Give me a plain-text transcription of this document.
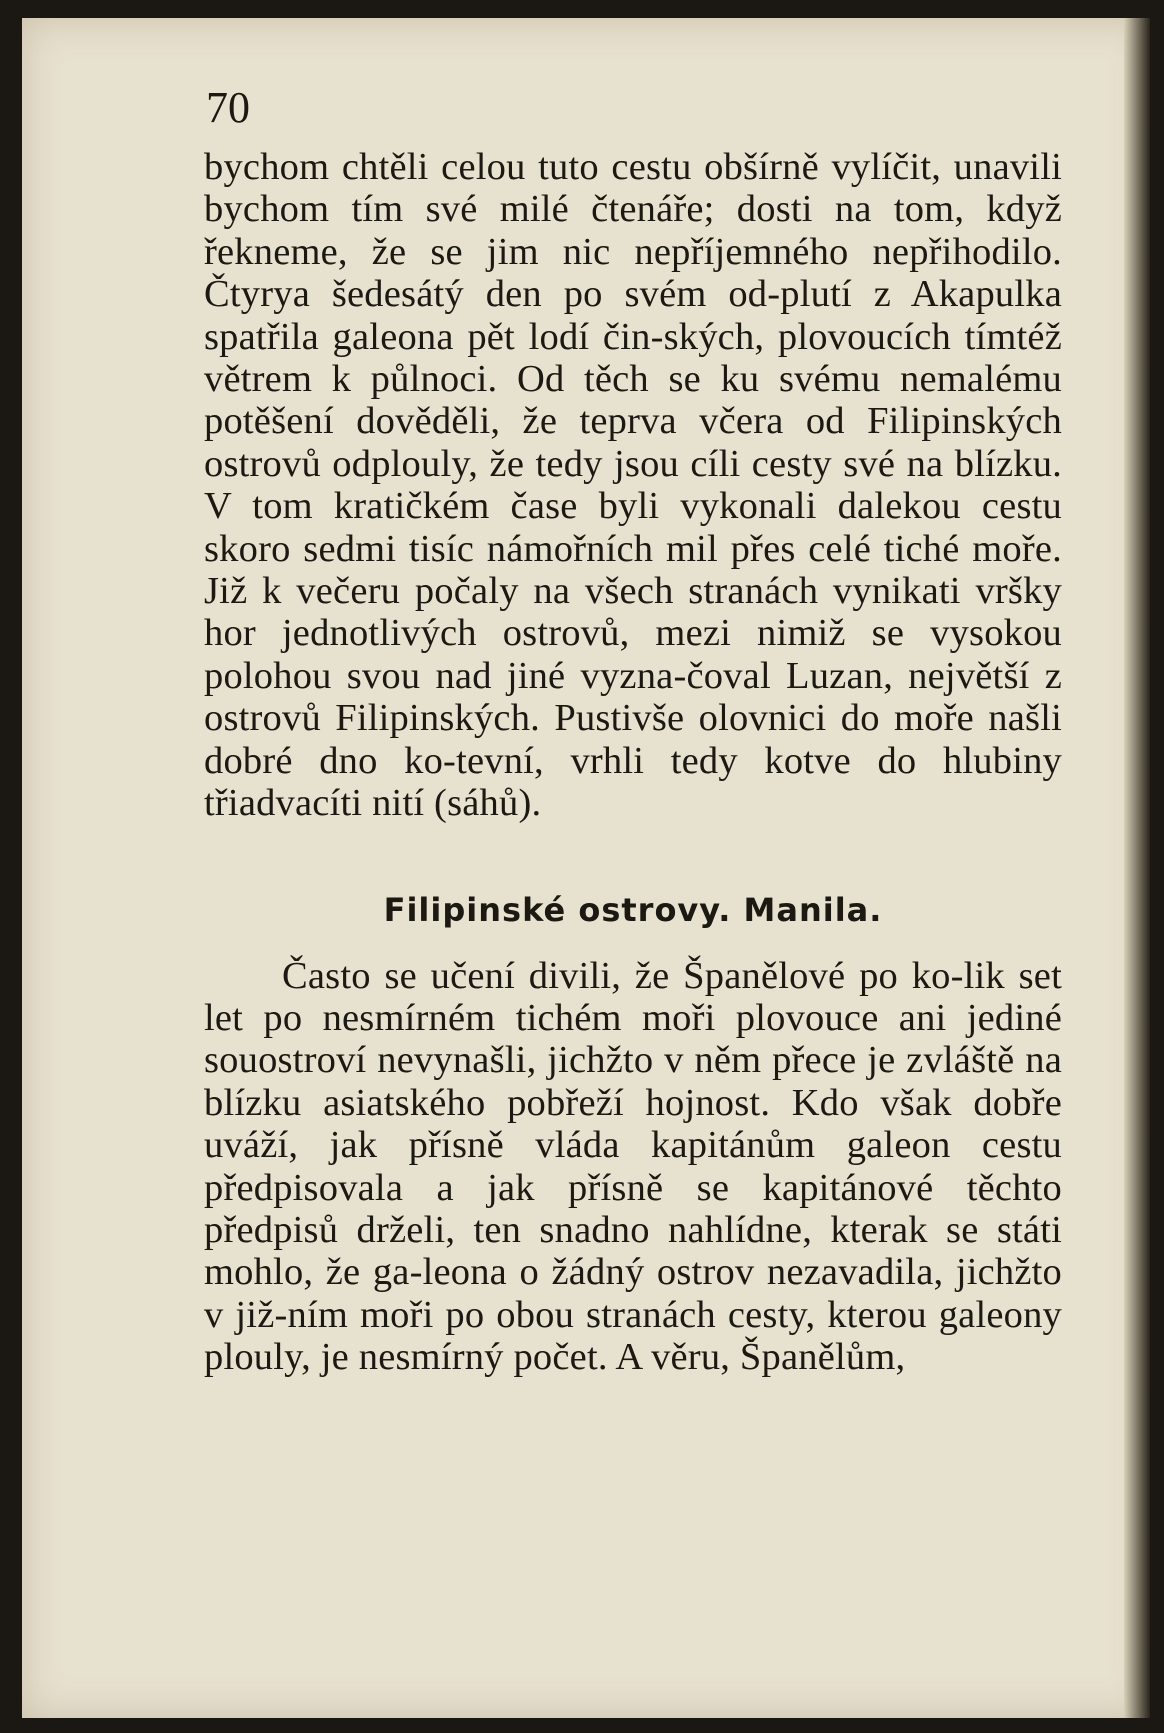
70

bychom chtěli celou tuto cestu obšírně vylíčit, unavili bychom tím své milé čtenáře; dosti na tom, když řekneme, že se jim nic nepříjemného nepřihodilo. Čtyrya šedesátý den po svém od-plutí z Akapulka spatřila galeona pět lodí čin-ských, plovoucích tímtéž větrem k půlnoci. Od těch se ku svému nemalému potěšení dověděli, že teprva včera od Filipinských ostrovů odplouly, že tedy jsou cíli cesty své na blízku. V tom kratičkém čase byli vykonali dalekou cestu skoro sedmi tisíc námořních mil přes celé tiché moře. Již k večeru počaly na všech stranách vynikati vršky hor jednotlivých ostrovů, mezi nimiž se vysokou polohou svou nad jiné vyzna-čoval Luzan, největší z ostrovů Filipinských. Pustivše olovnici do moře našli dobré dno ko-tevní, vrhli tedy kotve do hlubiny třiadvacíti nití (sáhů).

Filipinské ostrovy. Manila.

Často se učení divili, že Španělové po ko-lik set let po nesmírném tichém moři plovouce ani jediné souostroví nevynašli, jichžto v něm přece je zvláště na blízku asiatského pobřeží hojnost. Kdo však dobře uváží, jak přísně vláda kapitánům galeon cestu předpisovala a jak přísně se kapitánové těchto předpisů drželi, ten snadno nahlídne, kterak se státi mohlo, že ga-leona o žádný ostrov nezavadila, jichžto v již-ním moři po obou stranách cesty, kterou galeony plouly, je nesmírný počet. A věru, Španělům,
